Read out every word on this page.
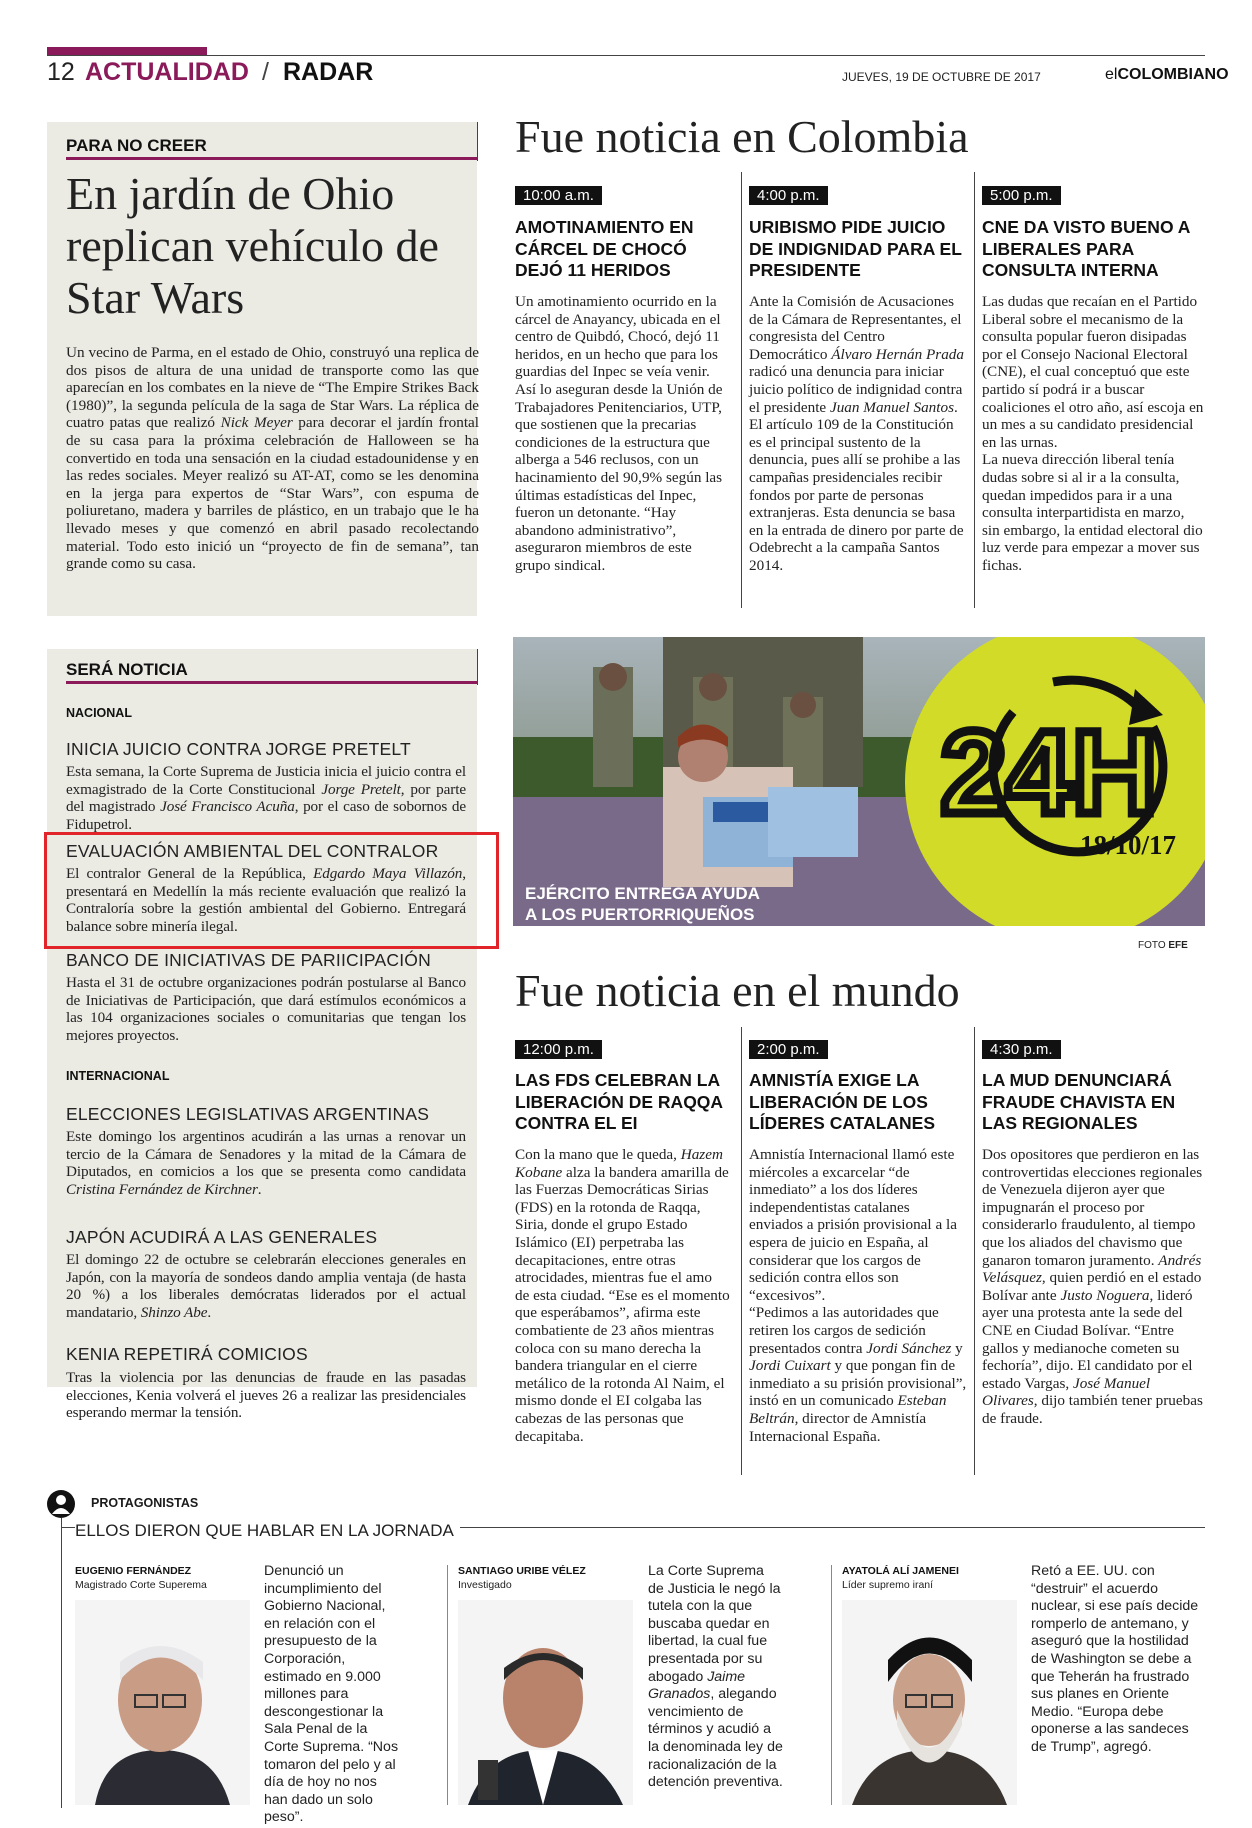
12 ACTUALIDAD / RADAR	JUEVES, 19 DE OCTUBRE DE 2017	elCOLOMBIANO
PARA NO CREER
En jardín de Ohio replican vehículo de Star Wars
Un vecino de Parma, en el estado de Ohio, construyó una replica de dos pisos de altura de una unidad de transporte como las que aparecían en los combates en la nieve de “The Empire Strikes Back (1980)”, la segunda película de la saga de Star Wars. La réplica de cuatro patas que realizó Nick Meyer para decorar el jardín frontal de su casa para la próxima celebración de Halloween se ha convertido en toda una sensación en la ciudad estadounidense y en las redes sociales. Meyer realizó su AT-AT, como se les denomina en la jerga para expertos de “Star Wars”, con espuma de poliuretano, madera y barriles de plástico, en un trabajo que le ha llevado meses y que comenzó en abril pasado recolectando material. Todo esto inició un “proyecto de fin de semana”, tan grande como su casa.
Fue noticia en Colombia
10:00 a.m.
AMOTINAMIENTO EN CÁRCEL DE CHOCÓ DEJÓ 11 HERIDOS
Un amotinamiento ocurrido en la cárcel de Anayancy, ubicada en el centro de Quibdó, Chocó, dejó 11 heridos, en un hecho que para los guardias del Inpec se veía venir.
Así lo aseguran desde la Unión de Trabajadores Penitenciarios, UTP, que sostienen que la precarias condiciones de la estructura que alberga a 546 reclusos, con un hacinamiento del 90,9% según las últimas estadísticas del Inpec, fueron un detonante. “Hay abandono administrativo”, aseguraron miembros de este grupo sindical.
4:00 p.m.
URIBISMO PIDE JUICIO DE INDIGNIDAD PARA EL PRESIDENTE
Ante la Comisión de Acusaciones de la Cámara de Representantes, el congresista del Centro Democrático Álvaro Hernán Prada radicó una denuncia para iniciar juicio político de indignidad contra el presidente Juan Manuel Santos.
El artículo 109 de la Constitución es el principal sustento de la denuncia, pues allí se prohibe a las campañas presidenciales recibir fondos por parte de personas extranjeras. Esta denuncia se basa en la entrada de dinero por parte de Odebrecht a la campaña Santos 2014.
5:00 p.m.
CNE DA VISTO BUENO A LIBERALES PARA CONSULTA INTERNA
Las dudas que recaían en el Partido Liberal sobre el mecanismo de la consulta popular fueron disipadas por el Consejo Nacional Electoral (CNE), el cual conceptuó que este partido sí podrá ir a buscar coaliciones el otro año, así escoja en un mes a su candidato presidencial en las urnas.
La nueva dirección liberal tenía dudas sobre si al ir a la consulta, quedan impedidos para ir a una consulta interpartidista en marzo, sin embargo, la entidad electoral dio luz verde para empezar a mover sus fichas.
SERÁ NOTICIA
NACIONAL
INICIA JUICIO CONTRA JORGE PRETELT
Esta semana, la Corte Suprema de Justicia inicia el juicio contra el exmagistrado de la Corte Constitucional Jorge Pretelt, por parte del magistrado José Francisco Acuña, por el caso de sobornos de Fidupetrol.
EVALUACIÓN AMBIENTAL DEL CONTRALOR
El contralor General de la República, Edgardo Maya Villazón, presentará en Medellín la más reciente evaluación que realizó la Contraloría sobre la gestión ambiental del Gobierno. Entregará balance sobre minería ilegal.
BANCO DE INICIATIVAS DE PARIICIPACIÓN
Hasta el 31 de octubre organizaciones podrán postularse al Banco de Iniciativas de Participación, que dará estímulos económicos a las 104 organizaciones sociales o comunitarias que tengan los mejores proyectos.
INTERNACIONAL
ELECCIONES LEGISLATIVAS ARGENTINAS
Este domingo los argentinos acudirán a las urnas a renovar un tercio de la Cámara de Senadores y la mitad de la Cámara de Diputados, en comicios a los que se presenta como candidata Cristina Fernández de Kirchner.
JAPÓN ACUDIRÁ A LAS GENERALES
El domingo 22 de octubre se celebrarán elecciones generales en Japón, con la mayoría de sondeos dando amplia ventaja (de hasta 20 %) a los liberales demócratas liderados por el actual mandatario, Shinzo Abe.
KENIA REPETIRÁ COMICIOS
Tras la violencia por las denuncias de fraude en las pasadas elecciones, Kenia volverá el jueves 26 a realizar las presidenciales esperando mermar la tensión.
24H
18/10/17
EJÉRCITO ENTREGA AYUDA
A LOS PUERTORRIQUEÑOS
FOTO EFE
Fue noticia en el mundo
12:00 p.m.
LAS FDS CELEBRAN LA LIBERACIÓN DE RAQQA CONTRA EL EI
Con la mano que le queda, Hazem Kobane alza la bandera amarilla de las Fuerzas Democráticas Sirias (FDS) en la rotonda de Raqqa, Siria, donde el grupo Estado Islámico (EI) perpetraba las decapitaciones, entre otras atrocidades, mientras fue el amo de esta ciudad. “Ese es el momento que esperábamos”, afirma este combatiente de 23 años mientras coloca con su mano derecha la bandera triangular en el cierre metálico de la rotonda Al Naim, el mismo donde el EI colgaba las cabezas de las personas que decapitaba.
2:00 p.m.
AMNISTÍA EXIGE LA LIBERACIÓN DE LOS LÍDERES CATALANES
Amnistía Internacional llamó este miércoles a excarcelar “de inmediato” a los dos líderes independentistas catalanes enviados a prisión provisional a la espera de juicio en España, al considerar que los cargos de sedición contra ellos son “excesivos”.
“Pedimos a las autoridades que retiren los cargos de sedición presentados contra Jordi Sánchez y Jordi Cuixart y que pongan fin de inmediato a su prisión provisional”, instó en un comunicado Esteban Beltrán, director de Amnistía Internacional España.
4:30 p.m.
LA MUD DENUNCIARÁ FRAUDE CHAVISTA EN LAS REGIONALES
Dos opositores que perdieron en las controvertidas elecciones regionales de Venezuela dijeron ayer que impugnarán el proceso por considerarlo fraudulento, al tiempo que los aliados del chavismo que ganaron tomaron juramento. Andrés Velásquez, quien perdió en el estado Bolívar ante Justo Noguera, lideró ayer una protesta ante la sede del CNE en Ciudad Bolívar. “Entre gallos y medianoche cometen su fechoría”, dijo. El candidato por el estado Vargas, José Manuel Olivares, dijo también tener pruebas de fraude.
PROTAGONISTAS
ELLOS DIERON QUE HABLAR EN LA JORNADA
EUGENIO FERNÁNDEZ
Magistrado Corte Superema
Denunció un incumplimiento del Gobierno Nacional, en relación con el presupuesto de la Corporación, estimado en 9.000 millones para descongestionar la Sala Penal de la Corte Suprema. “Nos tomaron del pelo y al día de hoy no nos han dado un solo peso”.
SANTIAGO URIBE VÉLEZ
Investigado
La Corte Suprema de Justicia le negó la tutela con la que buscaba quedar en libertad, la cual fue presentada por su abogado Jaime Granados, alegando vencimiento de términos y acudió a la denominada ley de racionalización de la detención preventiva.
AYATOLÁ ALÍ JAMENEI
Líder supremo iraní
Retó a EE. UU. con “destruir” el acuerdo nuclear, si ese país decide romperlo de antemano, y aseguró que la hostilidad de Washington se debe a que Teherán ha frustrado sus planes en Oriente Medio. “Europa debe oponerse a las sandeces de Trump”, agregó.
